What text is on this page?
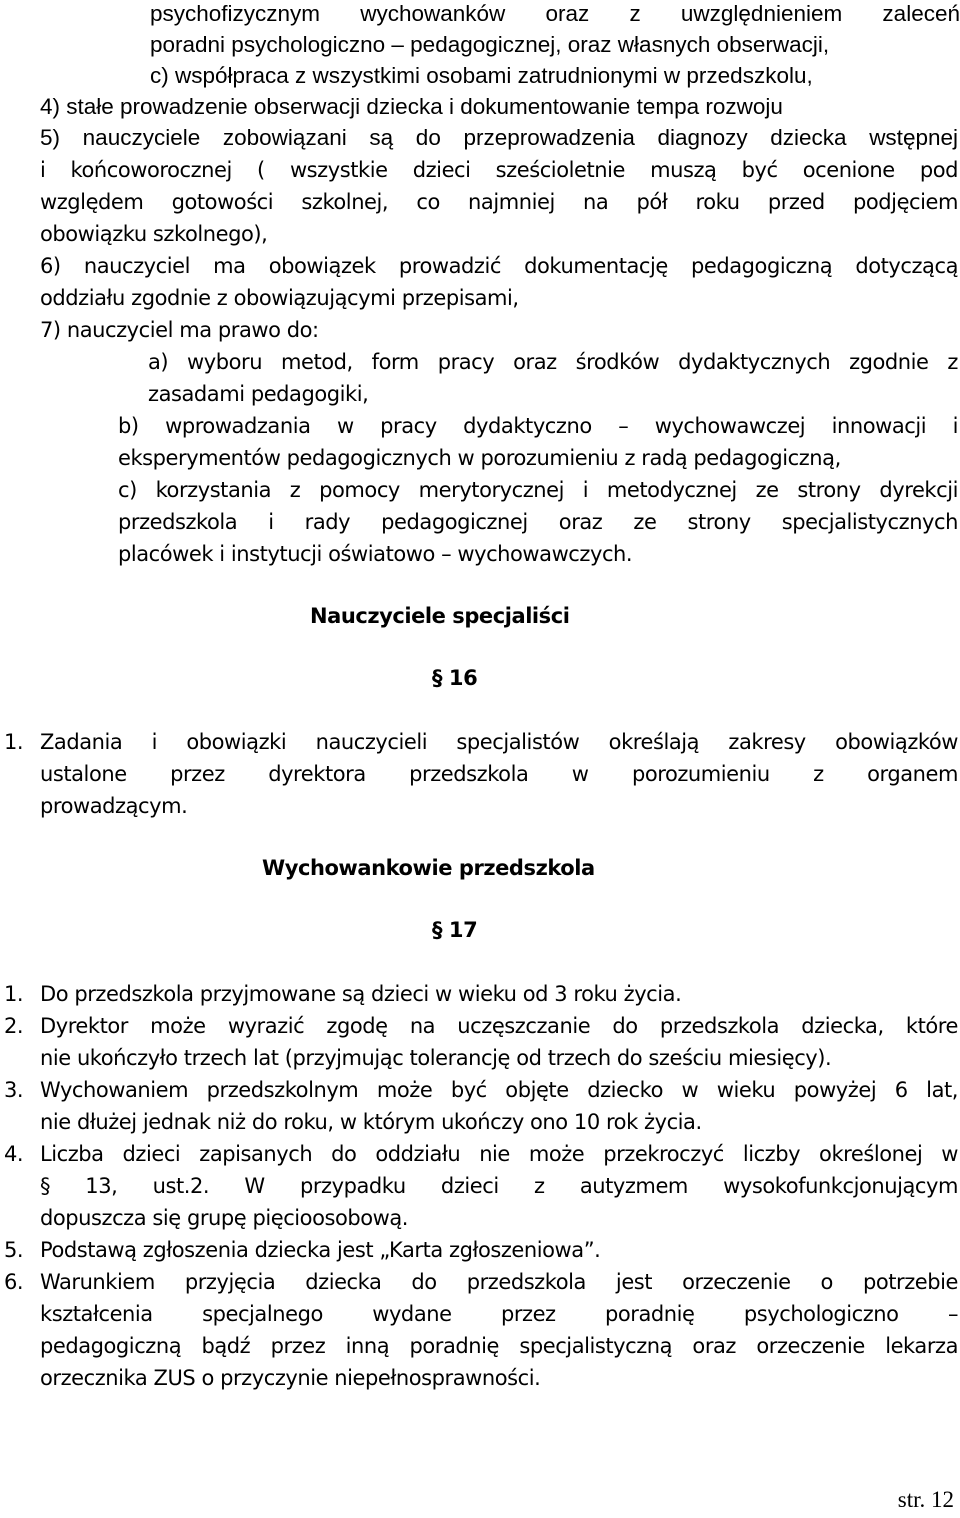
psychofizycznym wychowanków oraz z uwzględnieniem zaleceń
poradni psychologiczno – pedagogicznej, oraz własnych obserwacji,
c) współpraca z wszystkimi osobami zatrudnionymi w przedszkolu,
4) stałe prowadzenie obserwacji dziecka i dokumentowanie tempa rozwoju
5) nauczyciele zobowiązani są do przeprowadzenia diagnozy dziecka wstępnej
i końcoworocznej ( wszystkie dzieci sześcioletnie muszą być ocenione pod
względem gotowości szkolnej, co najmniej na pół roku przed podjęciem
obowiązku szkolnego),
6) nauczyciel ma obowiązek prowadzić dokumentację pedagogiczną dotyczącą
oddziału zgodnie z obowiązującymi przepisami,
7) nauczyciel ma prawo do:
a) wyboru metod, form pracy oraz środków dydaktycznych zgodnie z
zasadami pedagogiki,
b) wprowadzania w pracy dydaktyczno – wychowawczej innowacji i
eksperymentów pedagogicznych w porozumieniu z radą pedagogiczną,
c) korzystania z pomocy merytorycznej i metodycznej ze strony dyrekcji
przedszkola i rady pedagogicznej oraz ze strony specjalistycznych
placówek i instytucji oświatowo – wychowawczych.
Nauczyciele specjaliści
§ 16
1. Zadania i obowiązki nauczycieli specjalistów określają zakresy obowiązków
ustalone przez dyrektora przedszkola w porozumieniu z organem
prowadzącym.
Wychowankowie przedszkola
§ 17
1. Do przedszkola przyjmowane są dzieci w wieku od 3 roku życia.
2. Dyrektor może wyrazić zgodę na uczęszczanie do przedszkola dziecka, które
nie ukończyło trzech lat (przyjmując tolerancję od trzech do sześciu miesięcy).
3. Wychowaniem przedszkolnym może być objęte dziecko w wieku powyżej 6 lat,
nie dłużej jednak niż do roku, w którym ukończy ono 10 rok życia.
4. Liczba dzieci zapisanych do oddziału nie może przekroczyć liczby określonej w
§ 13, ust.2. W przypadku dzieci z autyzmem wysokofunkcjonującym
dopuszcza się grupę pięcioosobową.
5. Podstawą zgłoszenia dziecka jest „Karta zgłoszeniowa”.
6. Warunkiem przyjęcia dziecka do przedszkola jest orzeczenie o potrzebie
kształcenia specjalnego wydane przez poradnię psychologiczno –
pedagogiczną bądź przez inną poradnię specjalistyczną oraz orzeczenie lekarza
orzecznika ZUS o przyczynie niepełnosprawności.
str. 12
